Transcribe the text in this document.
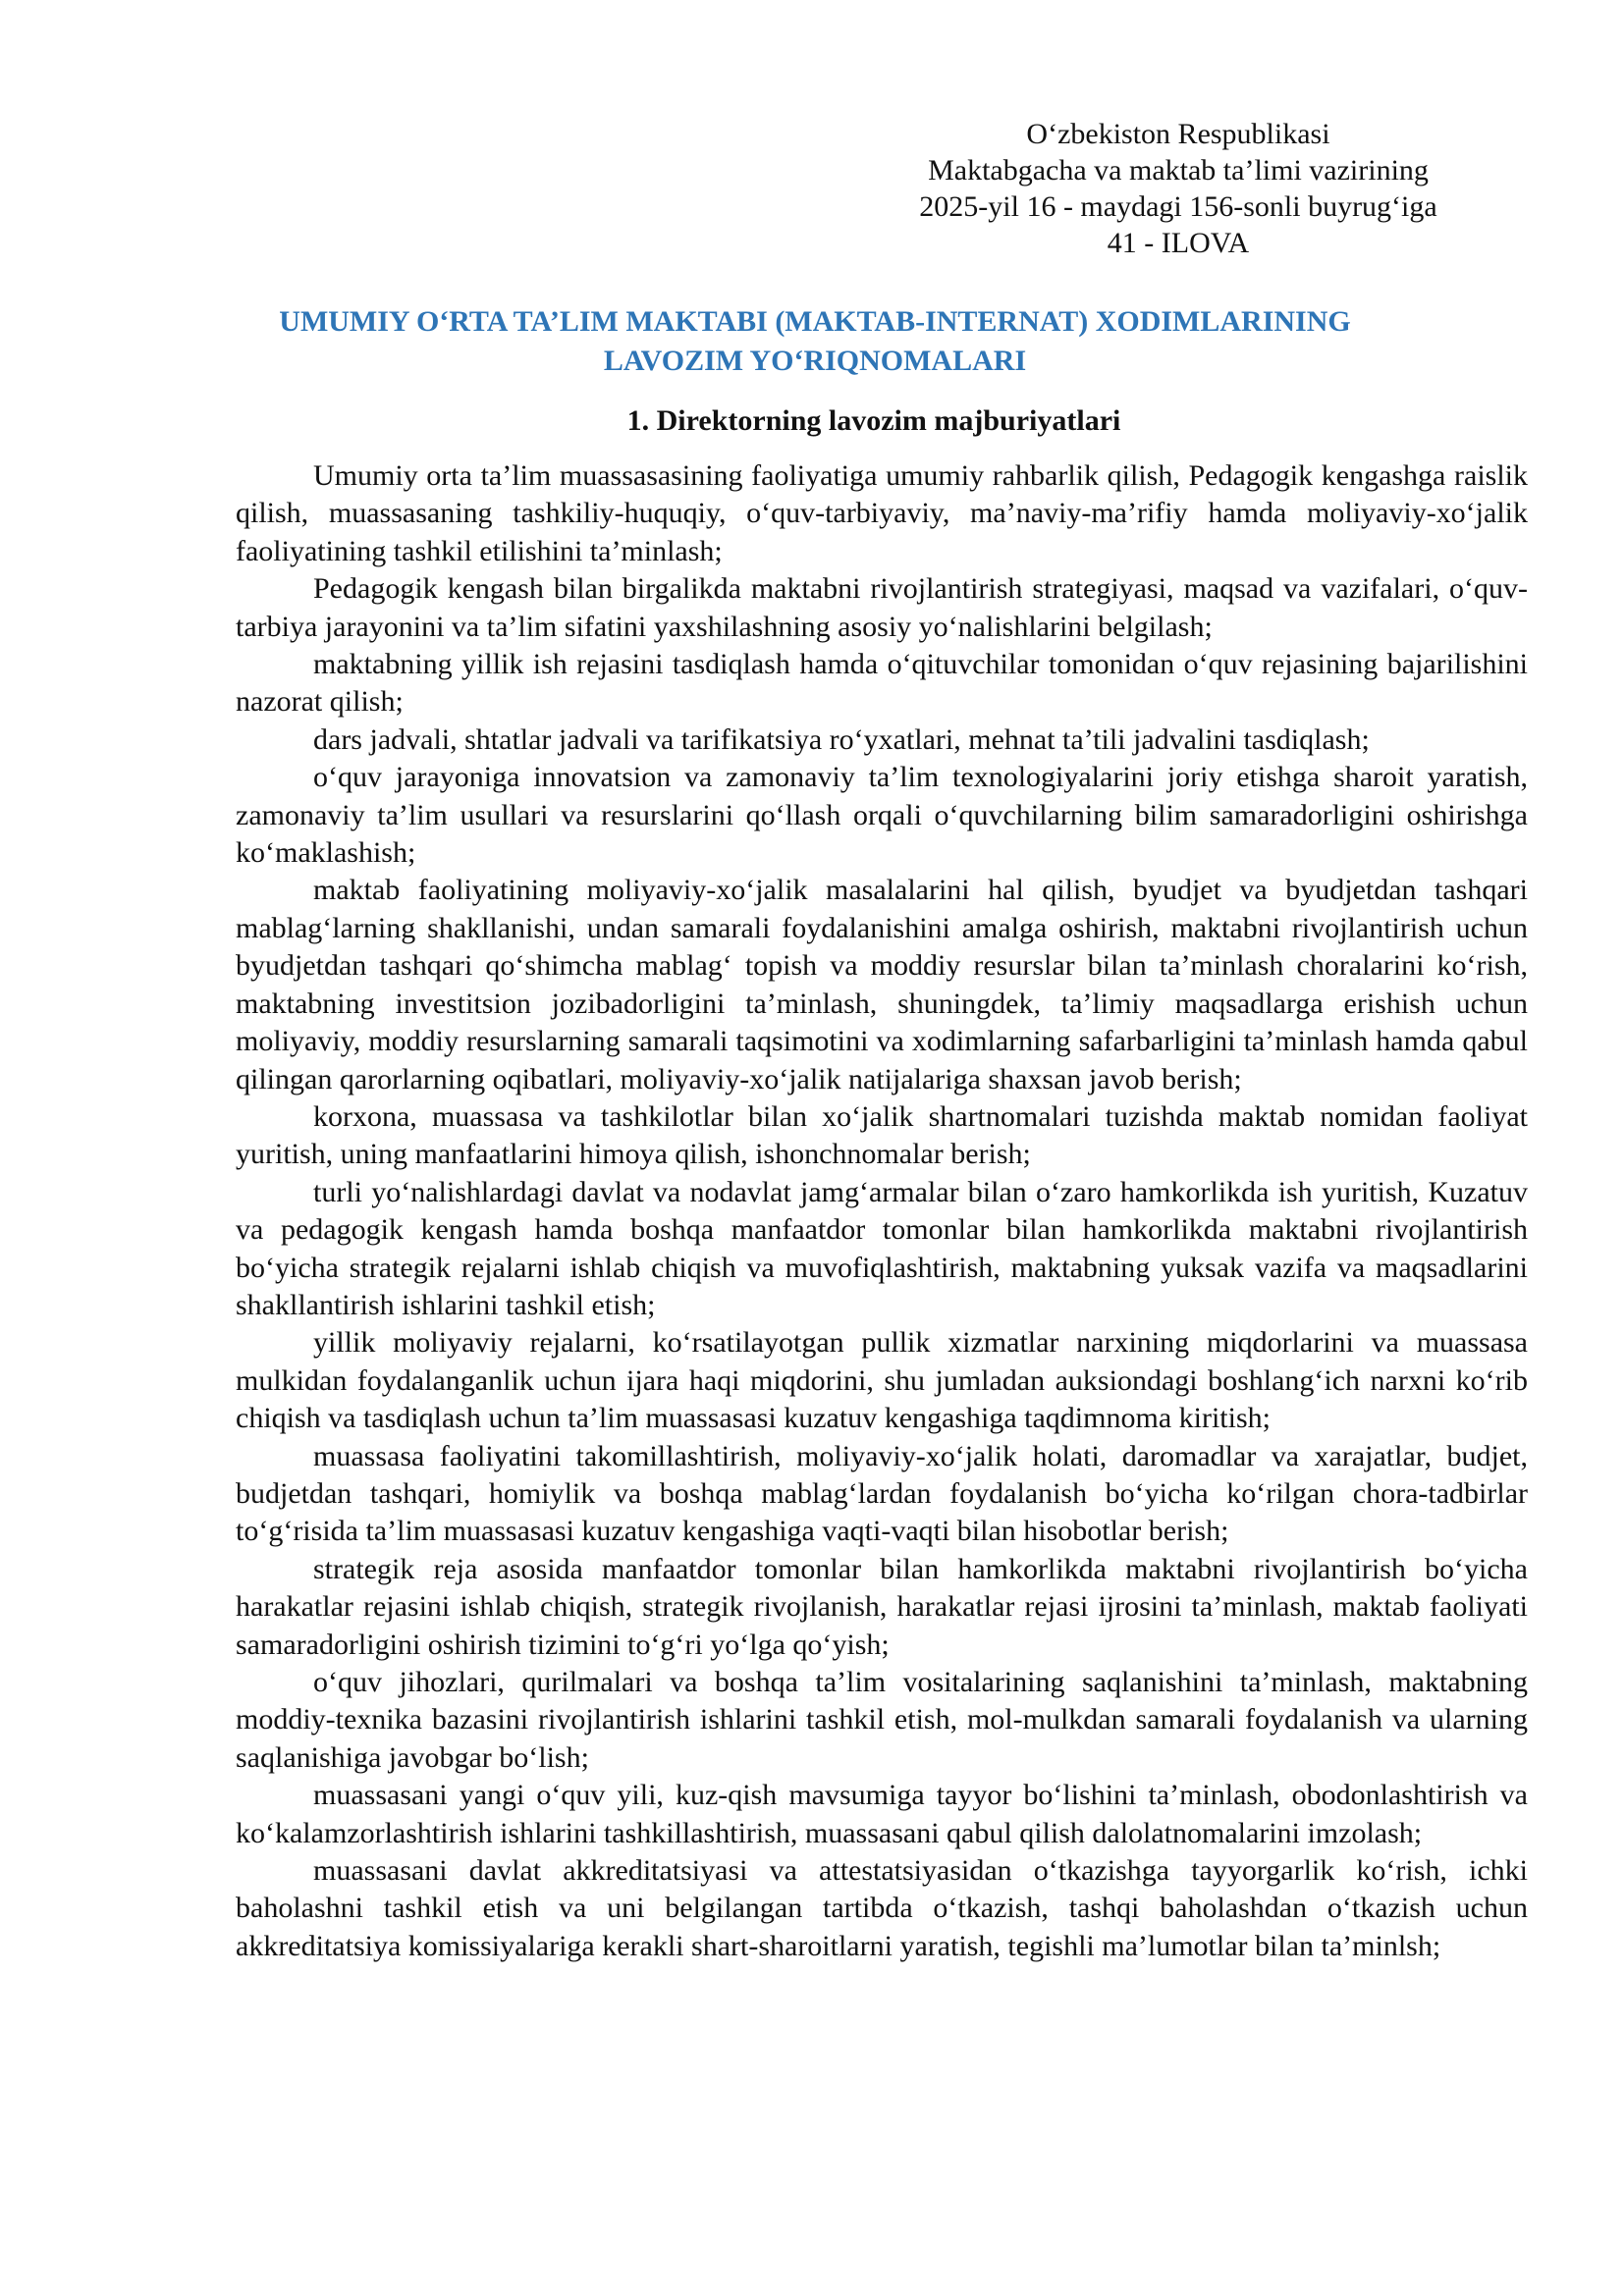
O‘zbekiston Respublikasi
Maktabgacha va maktab ta’limi vazirining
2025-yil 16 - maydagi 156-sonli buyrug‘iga
41 - ILOVA
UMUMIY O‘RTA TA’LIM MAKTABI (MAKTAB-INTERNAT) XODIMLARINING
LAVOZIM YO‘RIQNOMALARI
1. Direktorning lavozim majburiyatlari

Umumiy orta ta’lim muassasasining faoliyatiga umumiy rahbarlik qilish, Pedagogik kengashga raislik qilish, muassasaning tashkiliy-huquqiy, o‘quv-tarbiyaviy, ma’naviy-ma’rifiy hamda moliyaviy-xo‘jalik faoliyatining tashkil etilishini ta’minlash;

Pedagogik kengash bilan birgalikda maktabni rivojlantirish strategiyasi, maqsad va vazifalari, o‘quv-tarbiya jarayonini va ta’lim sifatini yaxshilashning asosiy yo‘nalishlarini belgilash;

maktabning yillik ish rejasini tasdiqlash hamda o‘qituvchilar tomonidan o‘quv rejasining bajarilishini nazorat qilish;

dars jadvali, shtatlar jadvali va tarifikatsiya ro‘yxatlari, mehnat ta’tili jadvalini tasdiqlash;

o‘quv jarayoniga innovatsion va zamonaviy ta’lim texnologiyalarini joriy etishga sharoit yaratish, zamonaviy ta’lim usullari va resurslarini qo‘llash orqali o‘quvchilarning bilim samaradorligini oshirishga ko‘maklashish;

maktab faoliyatining moliyaviy-xo‘jalik masalalarini hal qilish, byudjet va byudjetdan tashqari mablag‘larning shakllanishi, undan samarali foydalanishini amalga oshirish, maktabni rivojlantirish uchun byudjetdan tashqari qo‘shimcha mablag‘ topish va moddiy resurslar bilan ta’minlash choralarini ko‘rish, maktabning investitsion jozibadorligini ta’minlash, shuningdek, ta’limiy maqsadlarga erishish uchun moliyaviy, moddiy resurslarning samarali taqsimotini va xodimlarning safarbarligini ta’minlash hamda qabul qilingan qarorlarning oqibatlari, moliyaviy-xo‘jalik natijalariga shaxsan javob berish;

korxona, muassasa va tashkilotlar bilan xo‘jalik shartnomalari tuzishda maktab nomidan faoliyat yuritish, uning manfaatlarini himoya qilish, ishonchnomalar berish;

turli yo‘nalishlardagi davlat va nodavlat jamg‘armalar bilan o‘zaro hamkorlikda ish yuritish, Kuzatuv va pedagogik kengash hamda boshqa manfaatdor tomonlar bilan hamkorlikda maktabni rivojlantirish bo‘yicha strategik rejalarni ishlab chiqish va muvofiqlashtirish, maktabning yuksak vazifa va maqsadlarini shakllantirish ishlarini tashkil etish;

yillik moliyaviy rejalarni, ko‘rsatilayotgan pullik xizmatlar narxining miqdorlarini va muassasa mulkidan foydalanganlik uchun ijara haqi miqdorini, shu jumladan auksiondagi boshlang‘ich narxni ko‘rib chiqish va tasdiqlash uchun ta’lim muassasasi kuzatuv kengashiga taqdimnoma kiritish;

muassasa faoliyatini takomillashtirish, moliyaviy-xo‘jalik holati, daromadlar va xarajatlar, budjet, budjetdan tashqari, homiylik va boshqa mablag‘lardan foydalanish bo‘yicha ko‘rilgan chora-tadbirlar to‘g‘risida ta’lim muassasasi kuzatuv kengashiga vaqti-vaqti bilan hisobotlar berish;

strategik reja asosida manfaatdor tomonlar bilan hamkorlikda maktabni rivojlantirish bo‘yicha harakatlar rejasini ishlab chiqish, strategik rivojlanish, harakatlar rejasi ijrosini ta’minlash, maktab faoliyati samaradorligini oshirish tizimini to‘g‘ri yo‘lga qo‘yish;

o‘quv jihozlari, qurilmalari va boshqa ta’lim vositalarining saqlanishini ta’minlash, maktabning moddiy-texnika bazasini rivojlantirish ishlarini tashkil etish, mol-mulkdan samarali foydalanish va ularning saqlanishiga javobgar bo‘lish;

muassasani yangi o‘quv yili, kuz-qish mavsumiga tayyor bo‘lishini ta’minlash, obodonlashtirish va ko‘kalamzorlashtirish ishlarini tashkillashtirish, muassasani qabul qilish dalolatnomalarini imzolash;

muassasani davlat akkreditatsiyasi va attestatsiyasidan o‘tkazishga tayyorgarlik ko‘rish, ichki baholashni tashkil etish va uni belgilangan tartibda o‘tkazish, tashqi baholashdan o‘tkazish uchun akkreditatsiya komissiyalariga kerakli shart-sharoitlarni yaratish, tegishli ma’lumotlar bilan ta’minlsh;
